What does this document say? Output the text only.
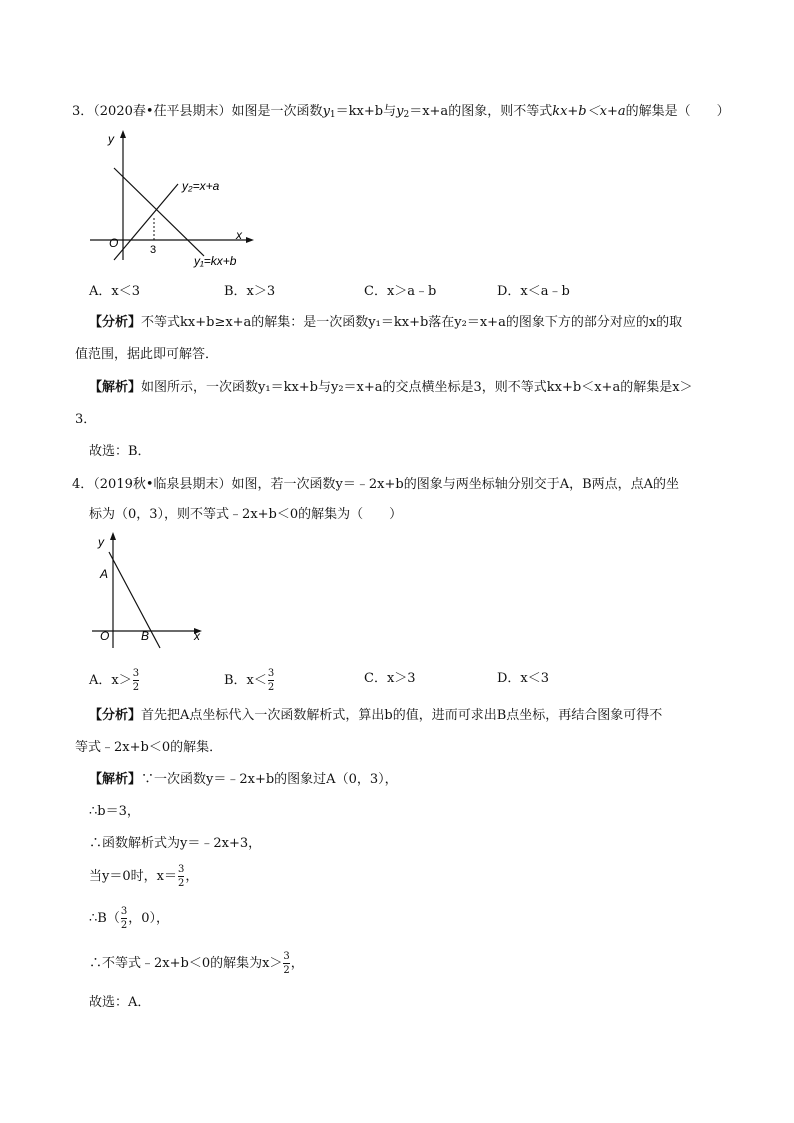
3．（2020春•茌平县期末）如图是一次函数$y_1=kx+b$与$y_2=x+a$的图象，则不等式kx+b＜x+a的解集是（　　）
y
x
O	3
y₂=x+a
y₁=kx+b
A．x＜3	B．x＞3	C．x＞a﹣b	D．x＜a﹣b
【分析】不等式kx+b≥x+a的解集：是一次函数y₁＝kx+b落在y₂＝x+a的图象下方的部分对应的x的取
值范围，据此即可解答．
【解析】如图所示，一次函数y₁＝kx+b与y₂＝x+a的交点横坐标是3，则不等式kx+b＜x+a的解集是x＞
3．
故选：B．
4．（2019秋•临泉县期末）如图，若一次函数y＝﹣2x+b的图象与两坐标轴分别交于A，B两点，点A的坐
标为（0，3），则不等式﹣2x+b＜0的解集为（　　）
y
x
O
A
B
A．$x> \frac{3}{2}$	B．$x< \frac{3}{2}$	C．x＞3	D．x＜3
【分析】首先把A点坐标代入一次函数解析式，算出b的值，进而可求出B点坐标，再结合图象可得不
等式﹣2x+b＜0的解集．
【解析】∵一次函数y＝﹣2x+b的图象过A（0，3），
∴b＝3，
∴函数解析式为y＝﹣2x+3，
当y＝0时，$x= \frac{3}{2}$ ，
∴B（ $\frac{3}{2}$ ，0），
∴不等式﹣2x+b＜0的解集为$x> \frac{3}{2}$ ，
故选：A．
